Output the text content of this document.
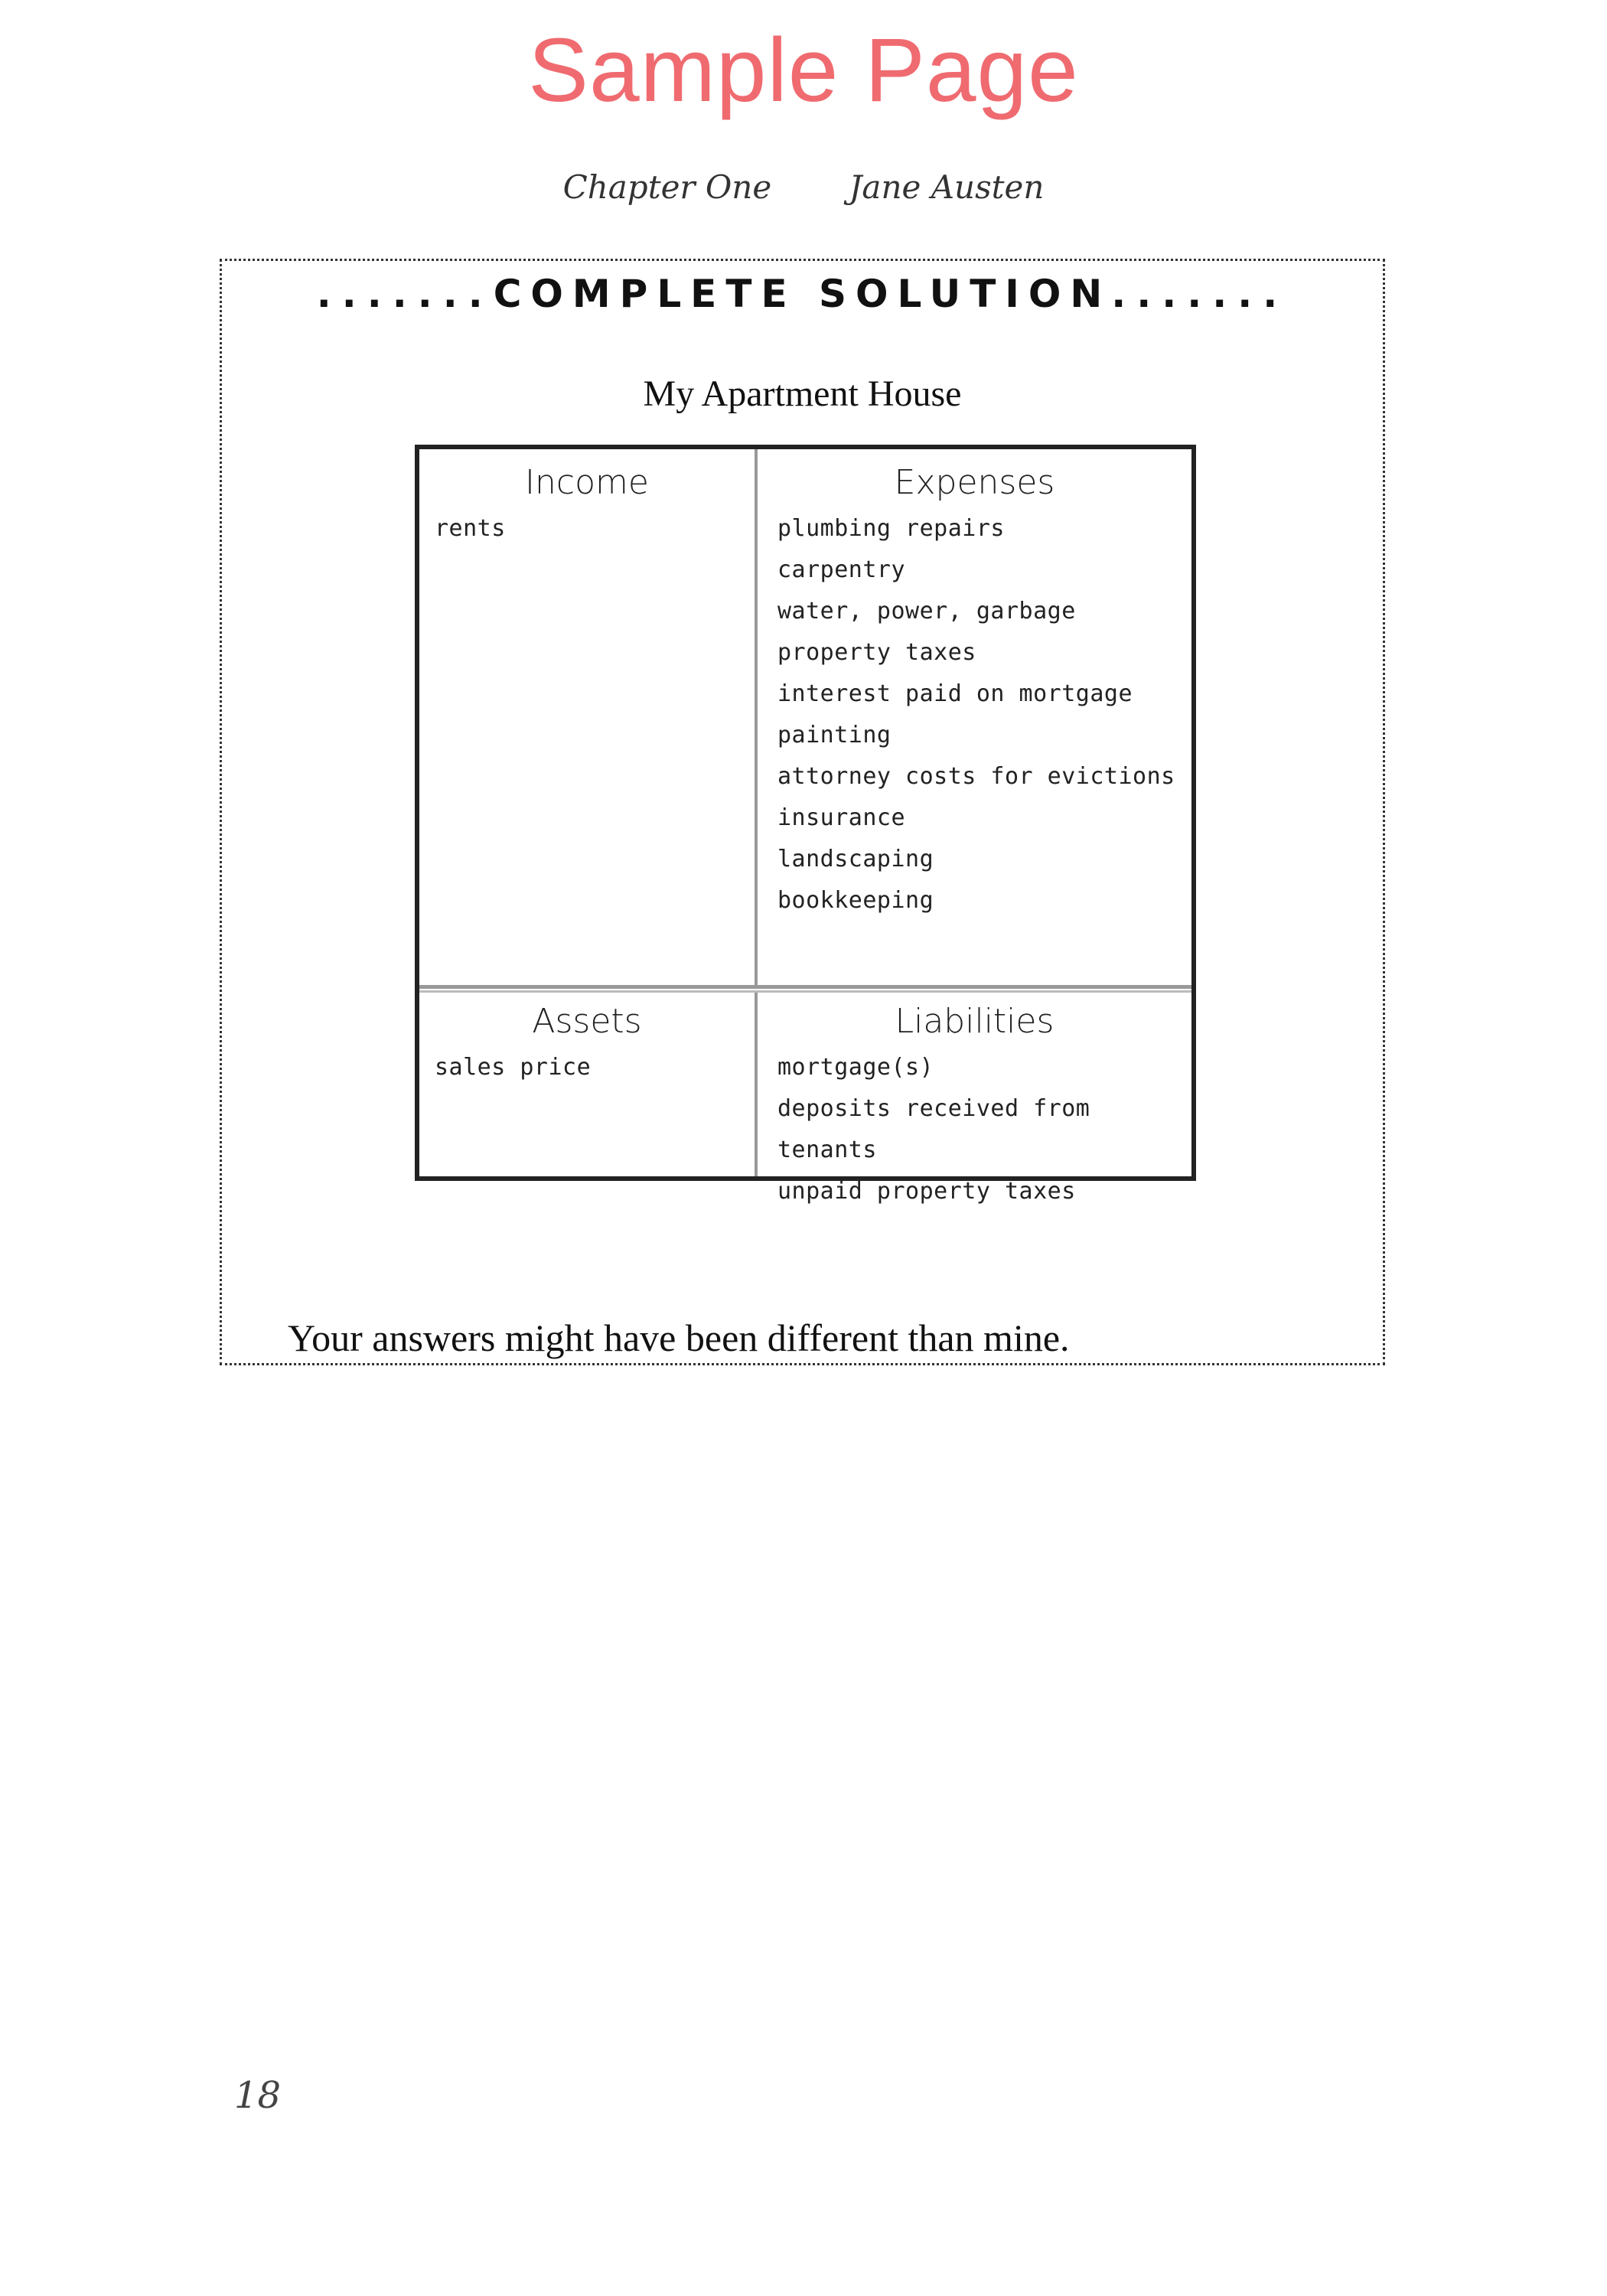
Sample Page
Chapter One Jane Austen
.......COMPLETE SOLUTION.......
My Apartment House
Income
rents
Expenses
plumbing repairs
carpentry
water, power, garbage
property taxes
interest paid on mortgage
painting
attorney costs for evictions
insurance
landscaping
bookkeeping
Assets
sales price
Liabilities
mortgage(s)
deposits received from tenants
unpaid property taxes
Your answers might have been different than mine.
18
